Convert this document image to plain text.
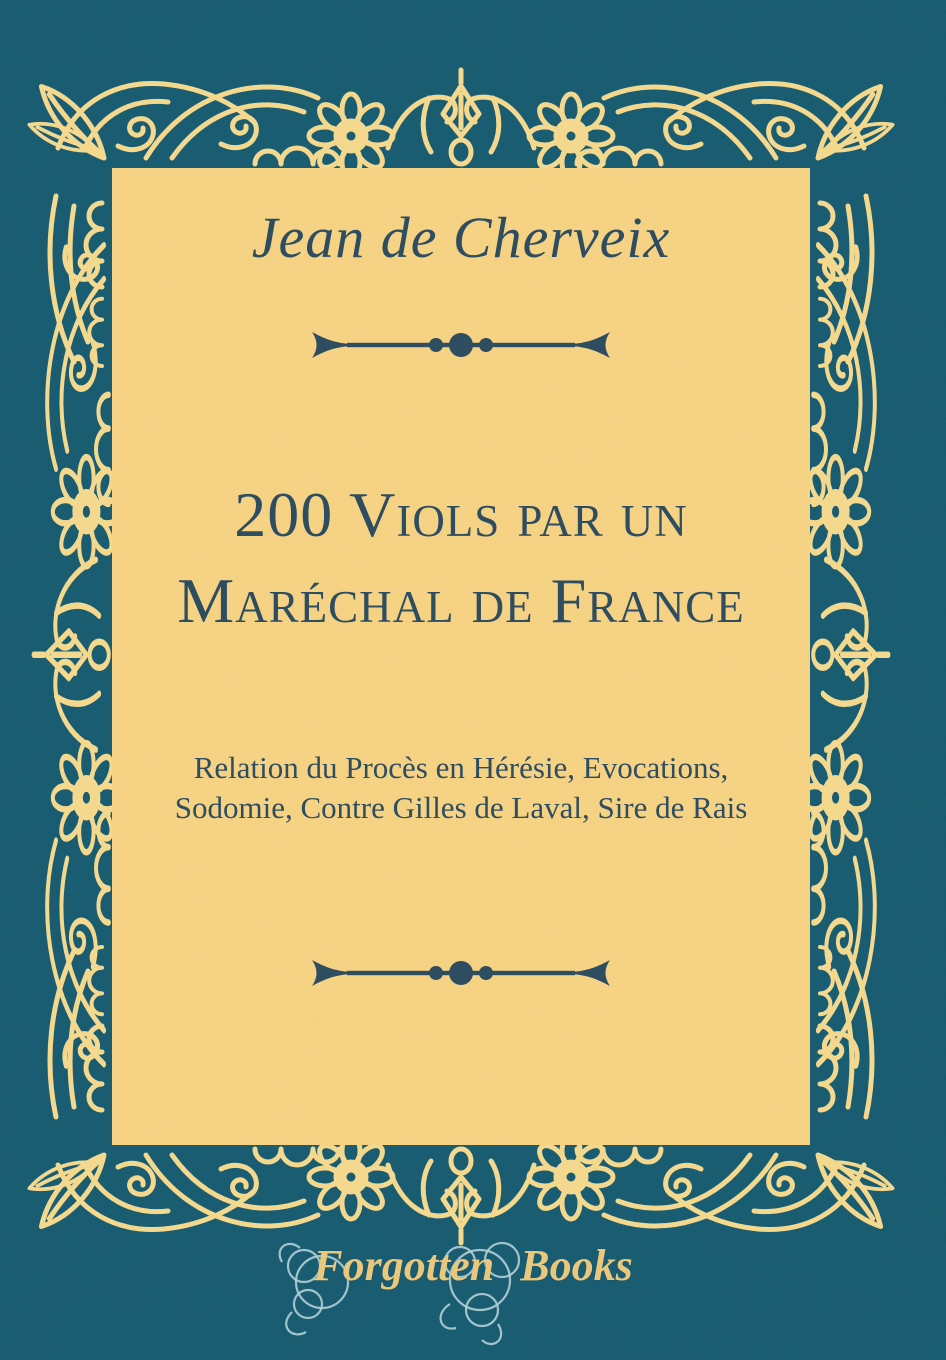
Jean de Cherveix
200 Viols par un
Maréchal de France
Relation du Procès en Hérésie, Evocations,
Sodomie, Contre Gilles de Laval, Sire de Rais
Forgotten Books
